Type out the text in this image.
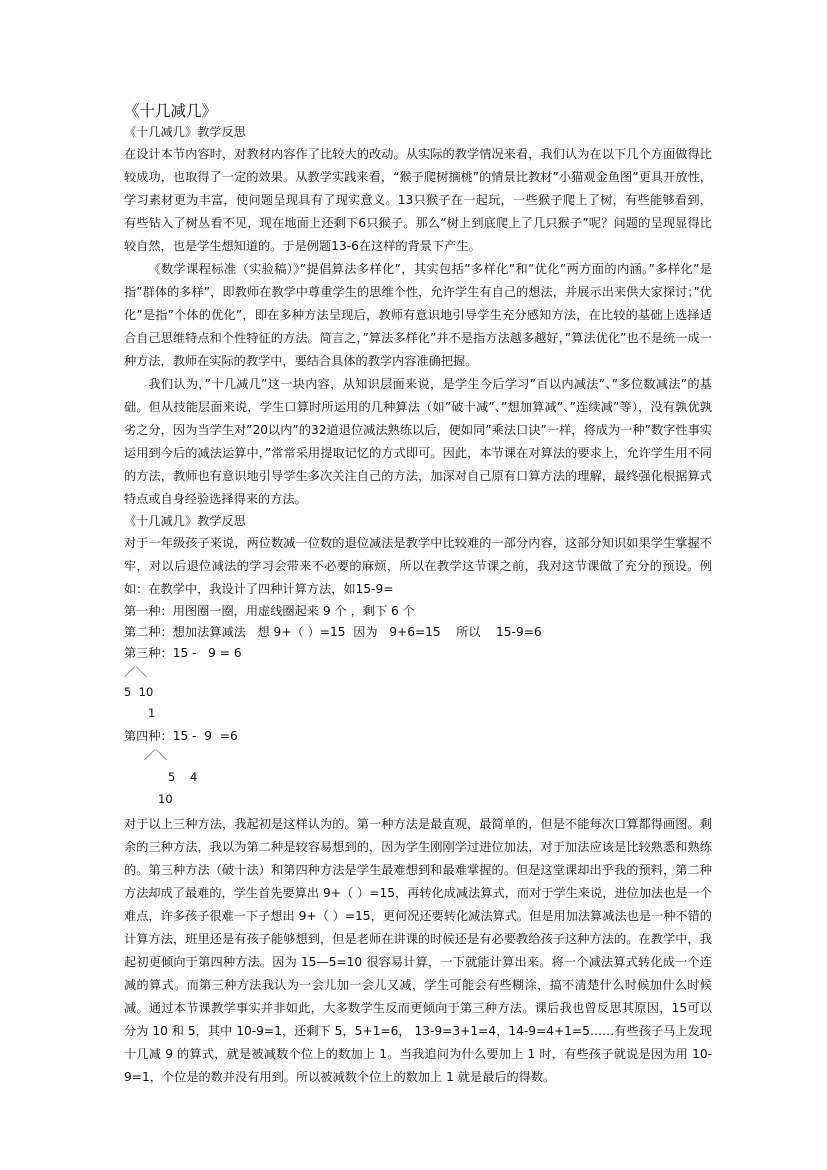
《十几减几》
《十几减几》教学反思

在设计本节内容时，对教材内容作了比较大的改动。从实际的教学情况来看，我们认为在以下几个方面做得比较成功，也取得了一定的效果。从教学实践来看，“猴子爬树摘桃”的情景比教材”小猫观金鱼图”更具开放性，学习素材更为丰富，使问题呈现具有了现实意义。13只猴子在一起玩，一些猴子爬上了树，有些能够看到，有些钻入了树丛看不见，现在地面上还剩下6只猴子。那么”树上到底爬上了几只猴子”呢？问题的呈现显得比较自然，也是学生想知道的。于是例题13-6在这样的背景下产生。

《数学课程标准（实验稿）》”提倡算法多样化”，其实包括”多样化”和”优化”两方面的内涵。”多样化”是指”群体的多样”，即教师在教学中尊重学生的思维个性，允许学生有自己的想法，并展示出来供大家探讨；”优化”是指”个体的优化”，即在多种方法呈现后，教师有意识地引导学生充分感知方法，在比较的基础上选择适合自己思维特点和个性特征的方法。简言之，”算法多样化”并不是指方法越多越好，”算法优化”也不是统一成一种方法，教师在实际的教学中，要结合具体的教学内容准确把握。

我们认为，”十几减几”这一块内容，从知识层面来说，是学生今后学习”百以内减法”、”多位数减法”的基础。但从技能层面来说，学生口算时所运用的几种算法（如”破十减”、”想加算减”、”连续减”等），没有孰优孰劣之分，因为当学生对”20以内”的32道退位减法熟练以后，便如同”乘法口诀”一样，将成为一种”数字性事实运用到今后的减法运算中，”常常采用提取记忆的方式即可。因此，本节课在对算法的要求上，允许学生用不同的方法，教师也有意识地引导学生多次关注自己的方法，加深对自己原有口算方法的理解，最终强化根据算式特点或自身经验选择得来的方法。

《十几减几》教学反思

对于一年级孩子来说，两位数减一位数的退位减法是教学中比较难的一部分内容，这部分知识如果学生掌握不牢，对以后退位减法的学习会带来不必要的麻烦，所以在教学这节课之前，我对这节课做了充分的预设。例如：在教学中，我设计了四种计算方法，如15-9=

第一种：用图圈一圈，用虚线圈起来 9 个 ，剩下 6 个
第二种：想加法算减法   想 9+（ ）=15  因为   9+6=15    所以    15-9=6
第三种：15 -   9 = 6

／＼

5  10

1

第四种：15 -  9  =6

／＼

5    4

10

对于以上三种方法，我起初是这样认为的。第一种方法是最直观，最简单的，但是不能每次口算都得画图。剩余的三种方法，我以为第二种是较容易想到的，因为学生刚刚学过进位加法，对于加法应该是比较熟悉和熟练的。第三种方法（破十法）和第四种方法是学生最难想到和最难掌握的。但是这堂课却出乎我的预料，第二种方法却成了最难的，学生首先要算出 9+（ ）=15，再转化成减法算式，而对于学生来说，进位加法也是一个难点，许多孩子很难一下子想出 9+（ ）=15，更何况还要转化减法算式。但是用加法算减法也是一种不错的计算方法，班里还是有孩子能够想到，但是老师在讲课的时候还是有必要教给孩子这种方法的。在教学中，我起初更倾向于第四种方法。因为 15—5=10 很容易计算，一下就能计算出来。将一个减法算式转化成一个连减的算式。而第三种方法我认为一会儿加一会儿又减，学生可能会有些糊涂，搞不清楚什么时候加什么时候减。通过本节课教学事实并非如此，大多数学生反而更倾向于第三种方法。课后我也曾反思其原因，15可以分为 10 和 5，其中 10-9=1，还剩下 5，5+1=6， 13-9=3+1=4，14-9=4+1=5……有些孩子马上发现十几减 9 的算式，就是被减数个位上的数加上 1。当我追问为什么要加上 1 时，有些孩子就说是因为用 10-9=1，个位是的数并没有用到。所以被减数个位上的数加上 1 就是最后的得数。
